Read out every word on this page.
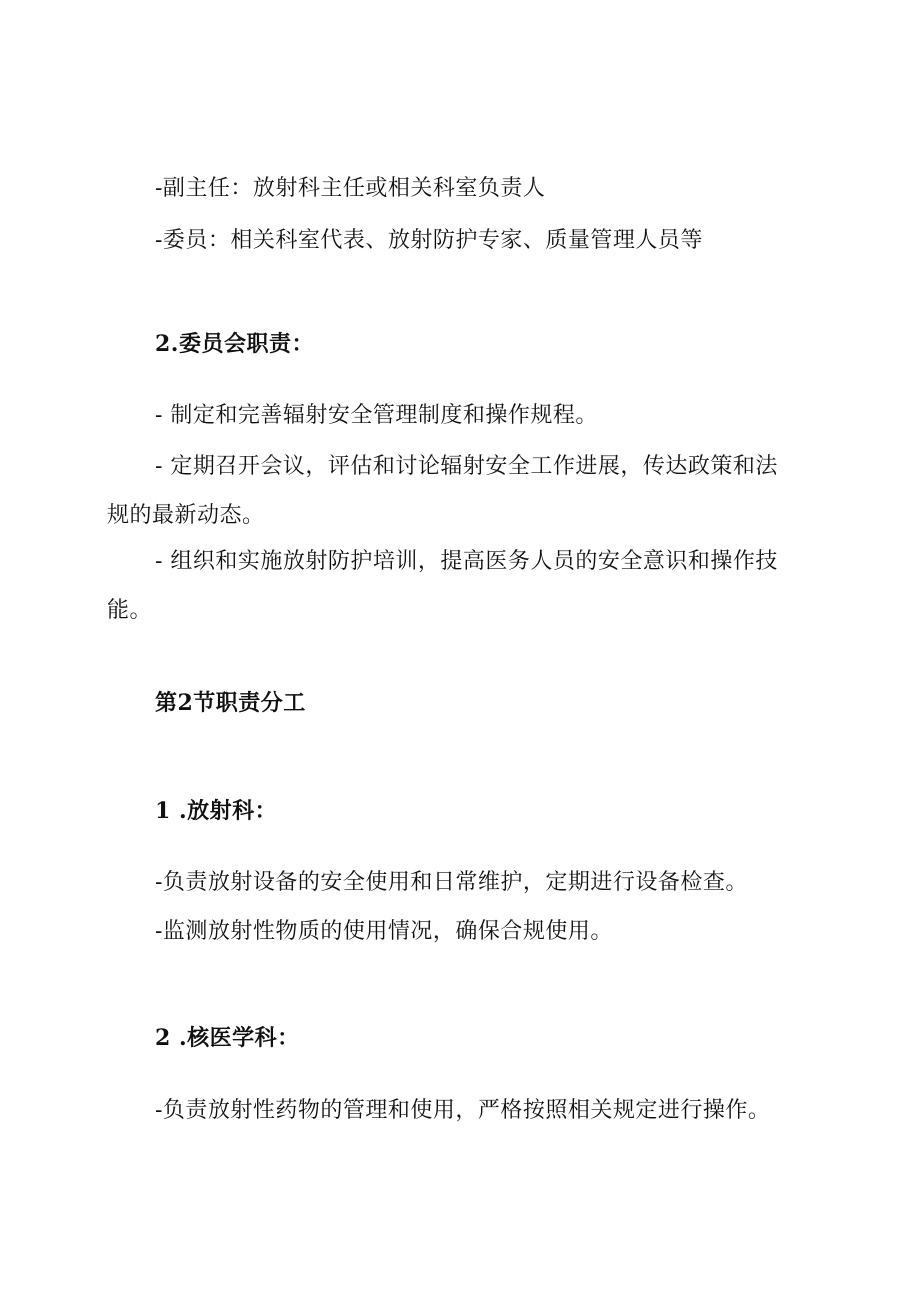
-副主任：放射科主任或相关科室负责人

-委员：相关科室代表、放射防护专家、质量管理人员等

2.委员会职责：

- 制定和完善辐射安全管理制度和操作规程。

- 定期召开会议，评估和讨论辐射安全工作进展，传达政策和法

规的最新动态。

- 组织和实施放射防护培训，提高医务人员的安全意识和操作技

能。

第2节职责分工

1 .放射科：

-负责放射设备的安全使用和日常维护，定期进行设备检查。

-监测放射性物质的使用情况，确保合规使用。

2 .核医学科：

-负责放射性药物的管理和使用，严格按照相关规定进行操作。
